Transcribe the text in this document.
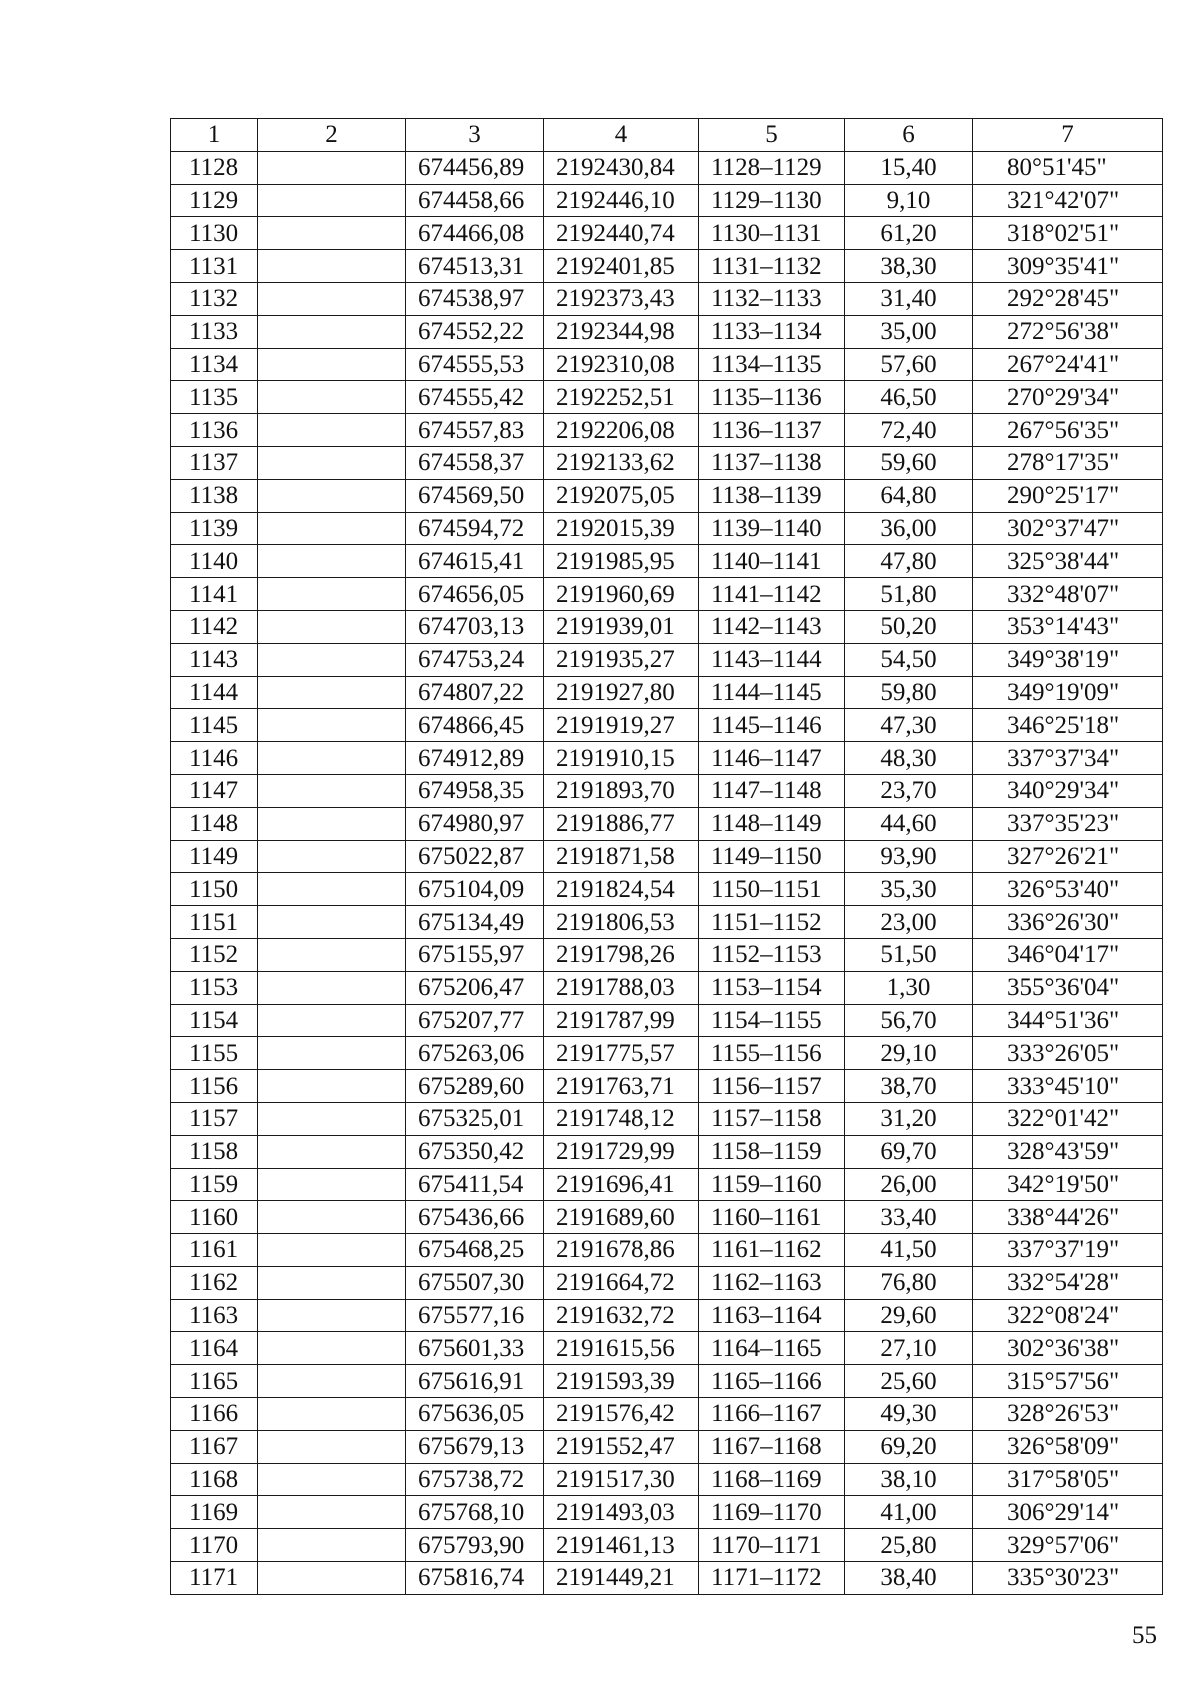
1	2	3	4	5	6	7
1128		674456,89	2192430,84	1128–1129	15,40	80°51'45"
1129		674458,66	2192446,10	1129–1130	9,10	321°42'07"
1130		674466,08	2192440,74	1130–1131	61,20	318°02'51"
1131		674513,31	2192401,85	1131–1132	38,30	309°35'41"
1132		674538,97	2192373,43	1132–1133	31,40	292°28'45"
1133		674552,22	2192344,98	1133–1134	35,00	272°56'38"
1134		674555,53	2192310,08	1134–1135	57,60	267°24'41"
1135		674555,42	2192252,51	1135–1136	46,50	270°29'34"
1136		674557,83	2192206,08	1136–1137	72,40	267°56'35"
1137		674558,37	2192133,62	1137–1138	59,60	278°17'35"
1138		674569,50	2192075,05	1138–1139	64,80	290°25'17"
1139		674594,72	2192015,39	1139–1140	36,00	302°37'47"
1140		674615,41	2191985,95	1140–1141	47,80	325°38'44"
1141		674656,05	2191960,69	1141–1142	51,80	332°48'07"
1142		674703,13	2191939,01	1142–1143	50,20	353°14'43"
1143		674753,24	2191935,27	1143–1144	54,50	349°38'19"
1144		674807,22	2191927,80	1144–1145	59,80	349°19'09"
1145		674866,45	2191919,27	1145–1146	47,30	346°25'18"
1146		674912,89	2191910,15	1146–1147	48,30	337°37'34"
1147		674958,35	2191893,70	1147–1148	23,70	340°29'34"
1148		674980,97	2191886,77	1148–1149	44,60	337°35'23"
1149		675022,87	2191871,58	1149–1150	93,90	327°26'21"
1150		675104,09	2191824,54	1150–1151	35,30	326°53'40"
1151		675134,49	2191806,53	1151–1152	23,00	336°26'30"
1152		675155,97	2191798,26	1152–1153	51,50	346°04'17"
1153		675206,47	2191788,03	1153–1154	1,30	355°36'04"
1154		675207,77	2191787,99	1154–1155	56,70	344°51'36"
1155		675263,06	2191775,57	1155–1156	29,10	333°26'05"
1156		675289,60	2191763,71	1156–1157	38,70	333°45'10"
1157		675325,01	2191748,12	1157–1158	31,20	322°01'42"
1158		675350,42	2191729,99	1158–1159	69,70	328°43'59"
1159		675411,54	2191696,41	1159–1160	26,00	342°19'50"
1160		675436,66	2191689,60	1160–1161	33,40	338°44'26"
1161		675468,25	2191678,86	1161–1162	41,50	337°37'19"
1162		675507,30	2191664,72	1162–1163	76,80	332°54'28"
1163		675577,16	2191632,72	1163–1164	29,60	322°08'24"
1164		675601,33	2191615,56	1164–1165	27,10	302°36'38"
1165		675616,91	2191593,39	1165–1166	25,60	315°57'56"
1166		675636,05	2191576,42	1166–1167	49,30	328°26'53"
1167		675679,13	2191552,47	1167–1168	69,20	326°58'09"
1168		675738,72	2191517,30	1168–1169	38,10	317°58'05"
1169		675768,10	2191493,03	1169–1170	41,00	306°29'14"
1170		675793,90	2191461,13	1170–1171	25,80	329°57'06"
1171		675816,74	2191449,21	1171–1172	38,40	335°30'23"
55
